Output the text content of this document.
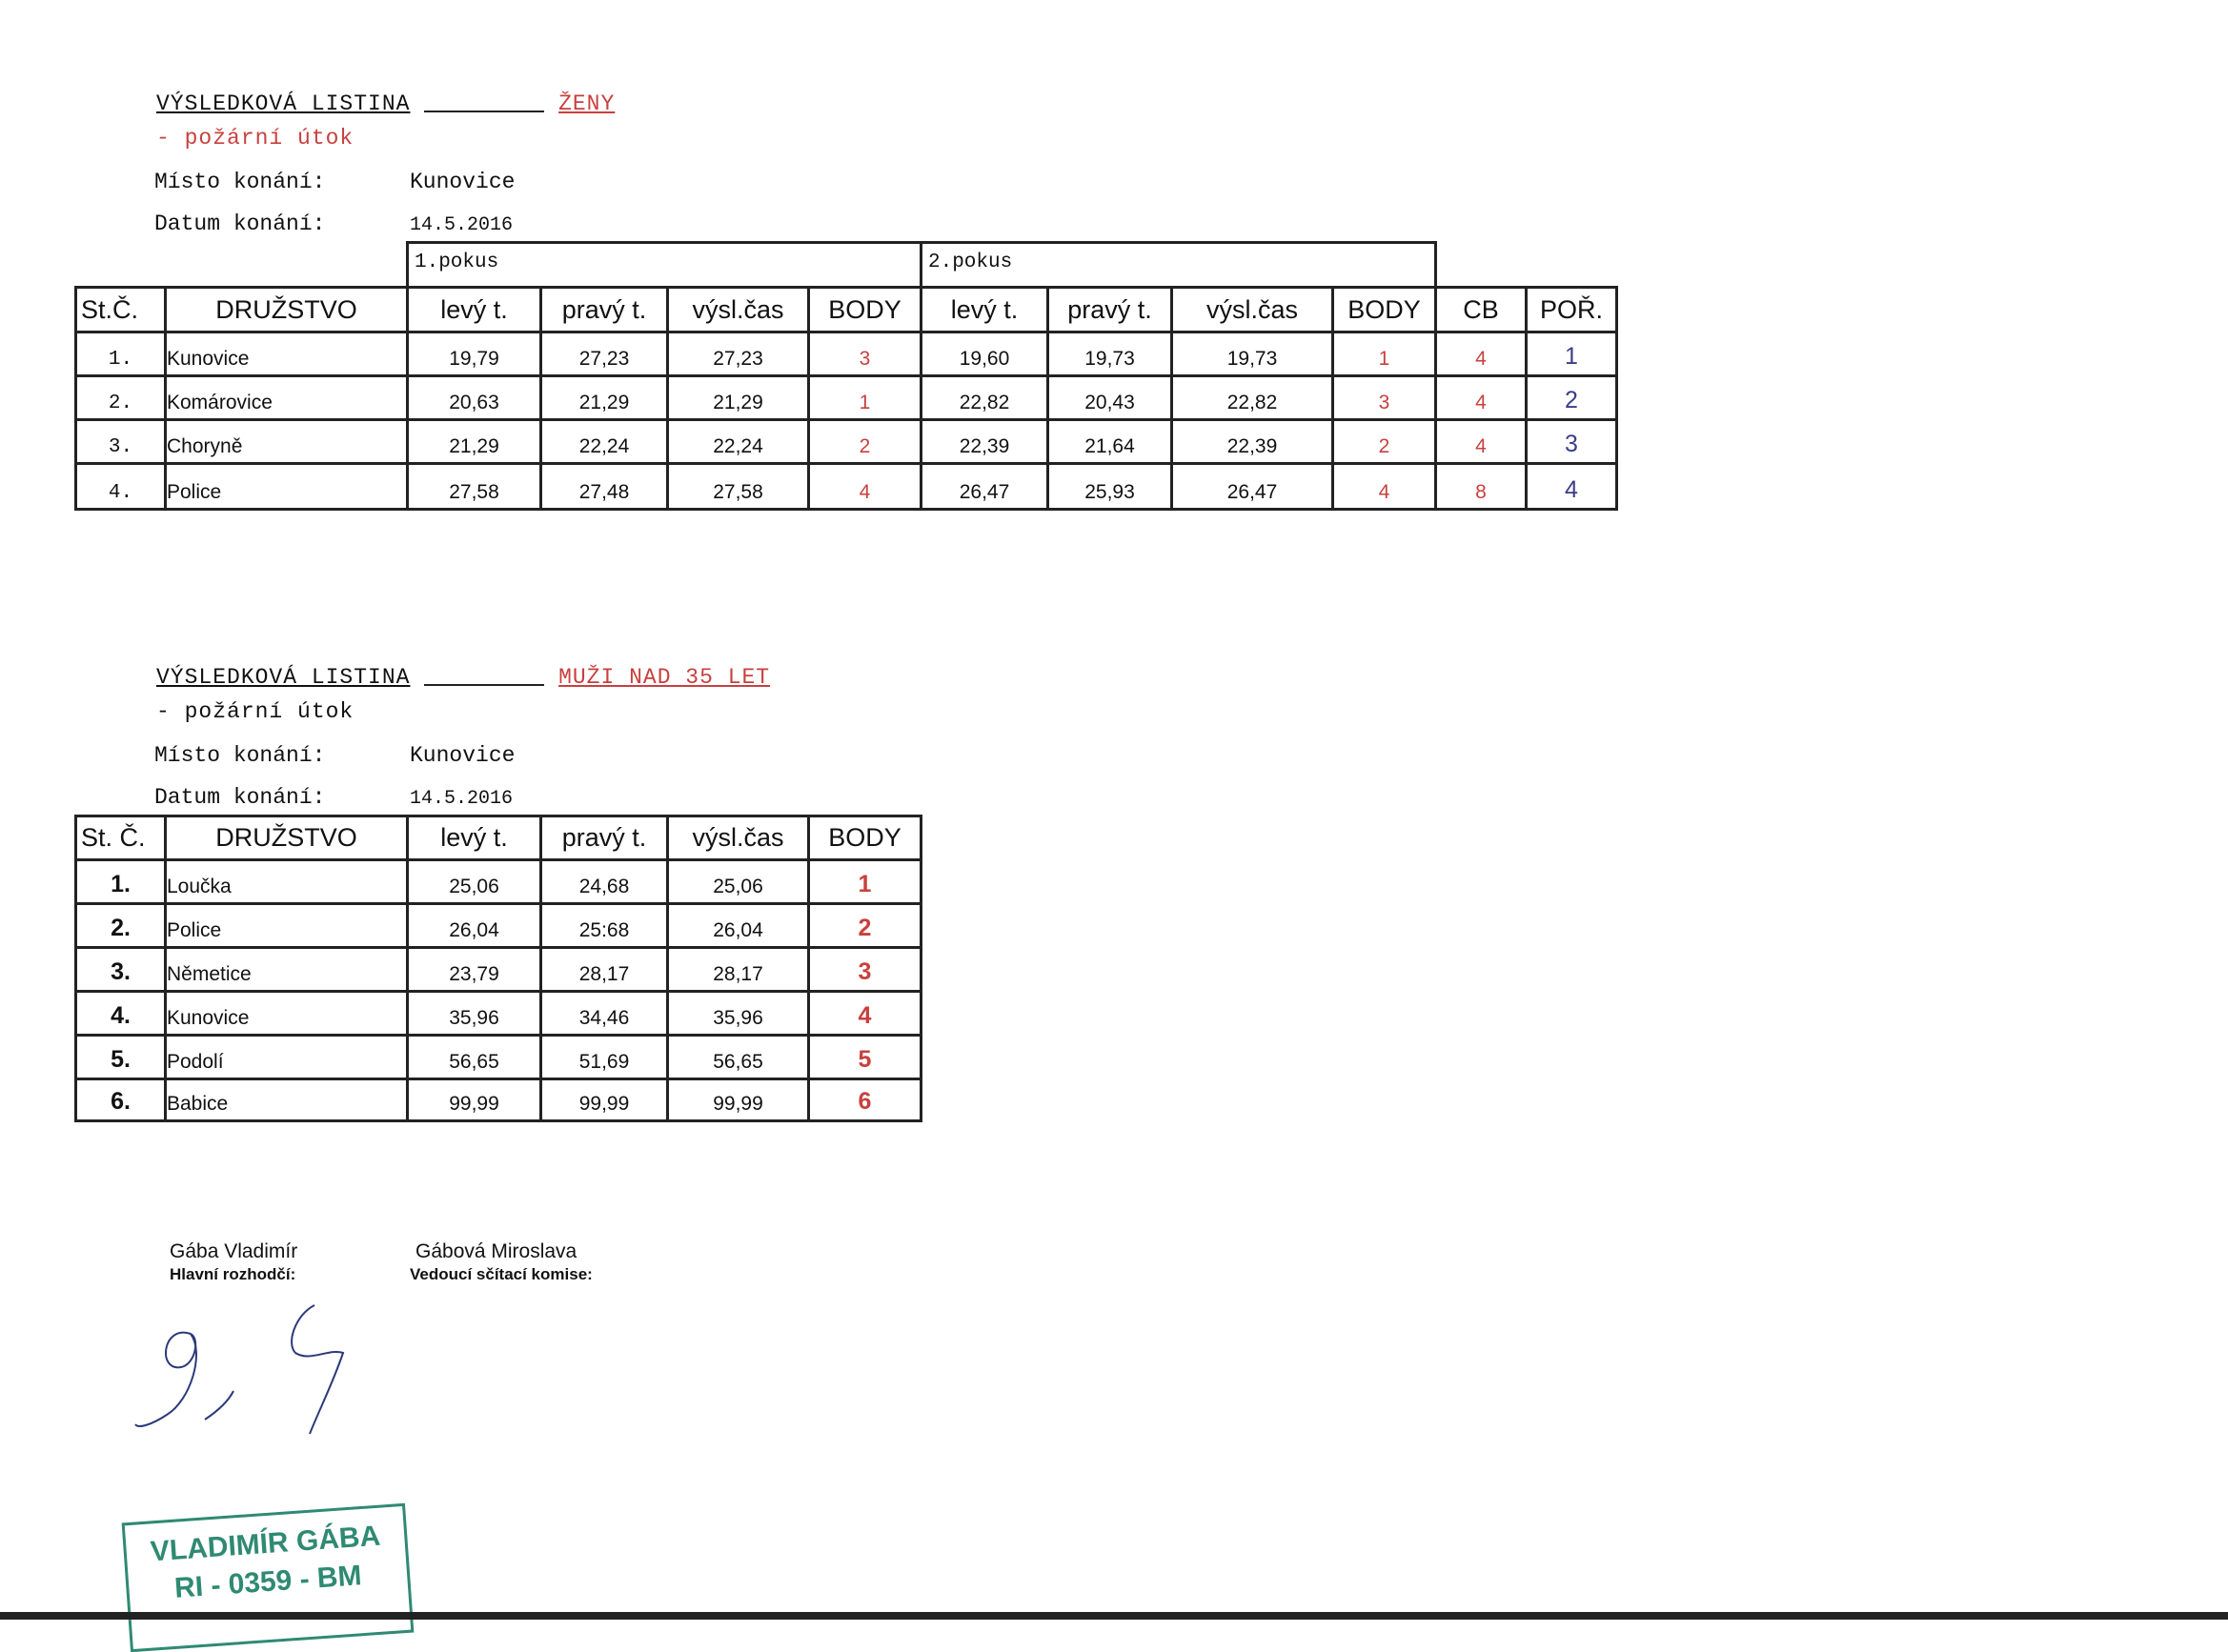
VÝSLEDKOVÁ LISTINA	ŽENY
- požární útok
Místo konání:	Kunovice
Datum konání:	14.5.2016
		1.pokus				2.pokus					
St.Č.	DRUŽSTVO	levý t.	pravý t.	výsl.čas	BODY	levý t.	pravý t.	výsl.čas	BODY	CB	POŘ.
1.	Kunovice	19,79	27,23	27,23	3	19,60	19,73	19,73	1	4	1
2.	Komárovice	20,63	21,29	21,29	1	22,82	20,43	22,82	3	4	2
3.	Choryně	21,29	22,24	22,24	2	22,39	21,64	22,39	2	4	3
4.	Police	27,58	27,48	27,58	4	26,47	25,93	26,47	4	8	4
VÝSLEDKOVÁ LISTINA	MUŽI NAD 35 LET
- požární útok
Místo konání:	Kunovice
Datum konání:	14.5.2016
St. Č.	DRUŽSTVO	levý t.	pravý t.	výsl.čas	BODY
1.	Loučka	25,06	24,68	25,06	1
2.	Police	26,04	25:68	26,04	2
3.	Němetice	23,79	28,17	28,17	3
4.	Kunovice	35,96	34,46	35,96	4
5.	Podolí	56,65	51,69	56,65	5
6.	Babice	99,99	99,99	99,99	6
Gába Vladimír
Hlavní rozhodčí:
Gábová Miroslava
Vedoucí sčítací komise:
VLADIMÍR GÁBA
RI - 0359 - BM
